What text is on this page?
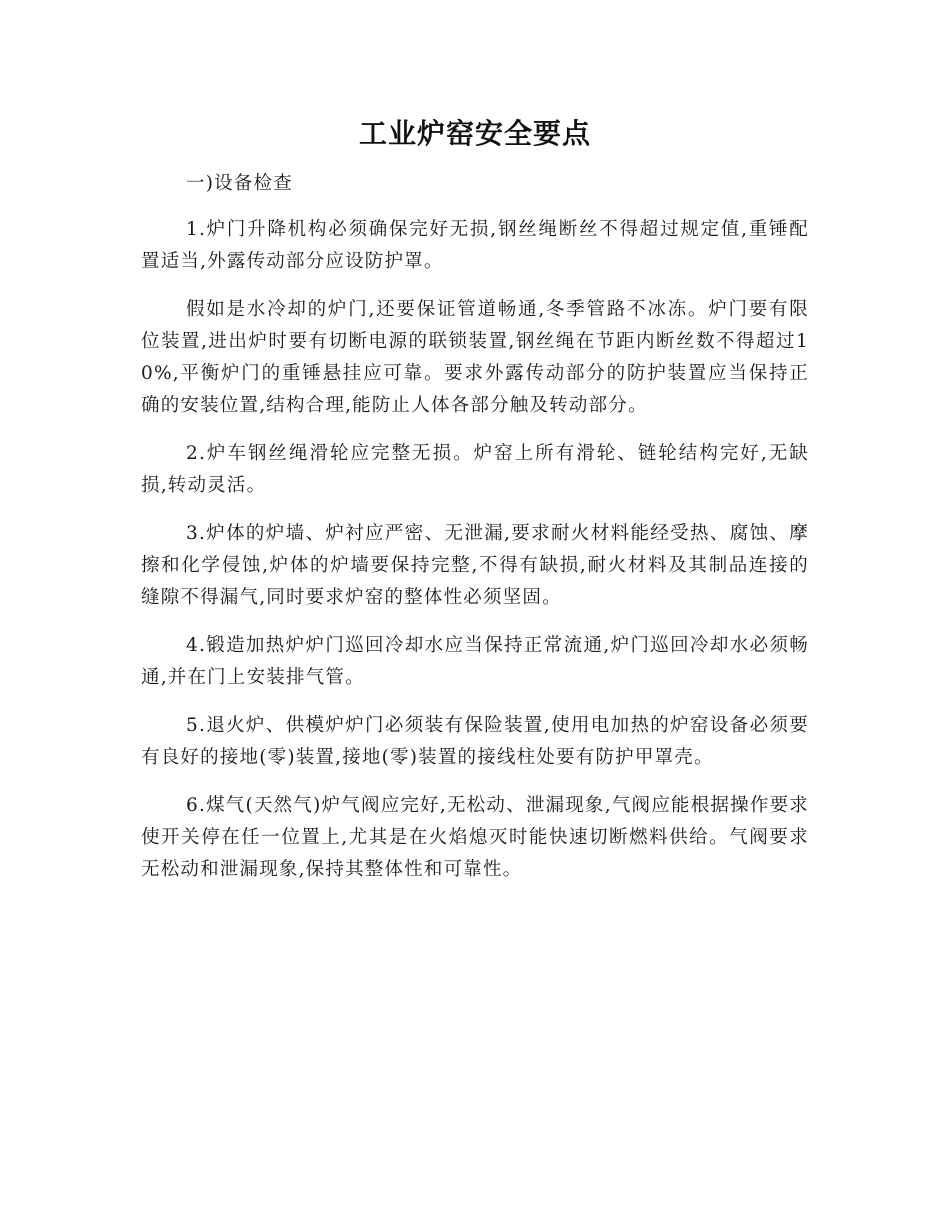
工业炉窑安全要点

一)设备检查

1.炉门升降机构必须确保完好无损,钢丝绳断丝不得超过规定值,重锤配置适当,外露传动部分应设防护罩。

假如是水冷却的炉门,还要保证管道畅通,冬季管路不冰冻。炉门要有限位装置,进出炉时要有切断电源的联锁装置,钢丝绳在节距内断丝数不得超过10%,平衡炉门的重锤悬挂应可靠。要求外露传动部分的防护装置应当保持正确的安装位置,结构合理,能防止人体各部分触及转动部分。

2.炉车钢丝绳滑轮应完整无损。炉窑上所有滑轮、链轮结构完好,无缺损,转动灵活。

3.炉体的炉墙、炉衬应严密、无泄漏,要求耐火材料能经受热、腐蚀、摩擦和化学侵蚀,炉体的炉墙要保持完整,不得有缺损,耐火材料及其制品连接的缝隙不得漏气,同时要求炉窑的整体性必须坚固。

4.锻造加热炉炉门巡回冷却水应当保持正常流通,炉门巡回冷却水必须畅通,并在门上安装排气管。

5.退火炉、供模炉炉门必须装有保险装置,使用电加热的炉窑设备必须要有良好的接地(零)装置,接地(零)装置的接线柱处要有防护甲罩壳。

6.煤气(天然气)炉气阀应完好,无松动、泄漏现象,气阀应能根据操作要求使开关停在任一位置上,尤其是在火焰熄灭时能快速切断燃料供给。气阀要求无松动和泄漏现象,保持其整体性和可靠性。
